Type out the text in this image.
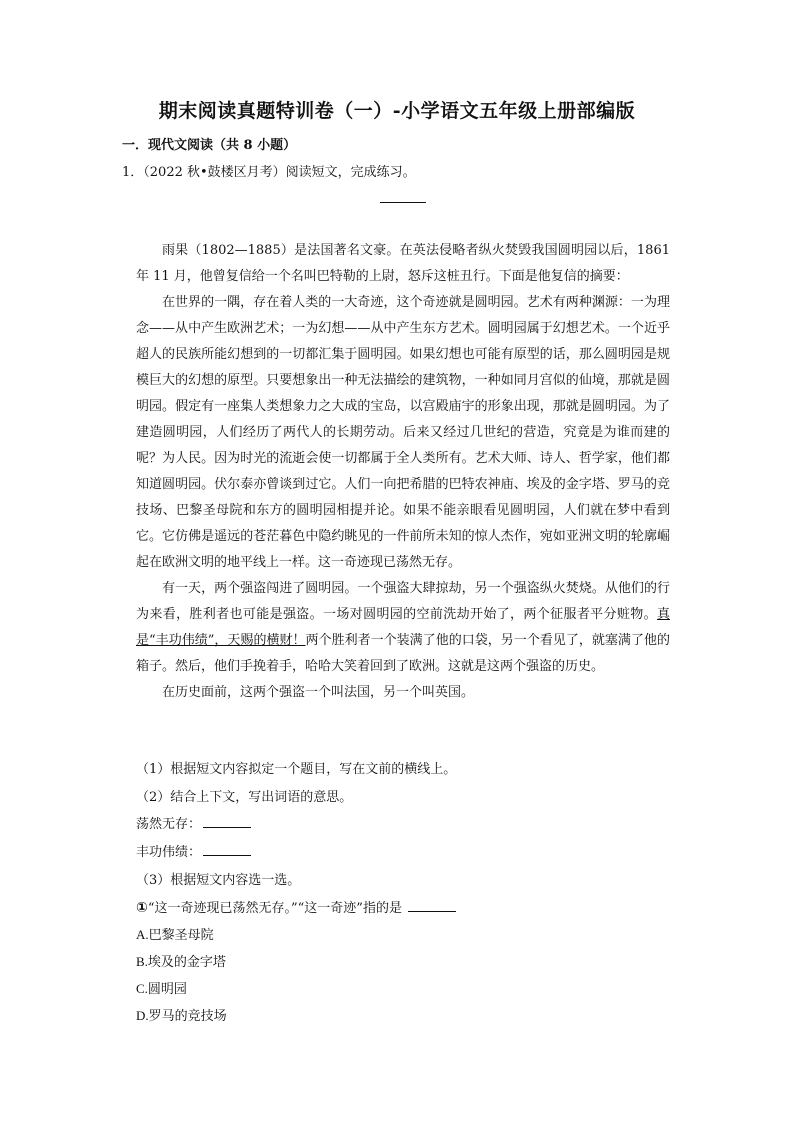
期末阅读真题特训卷（一）-小学语文五年级上册部编版
一．现代文阅读（共 8 小题）
1．（2022 秋•鼓楼区月考）阅读短文，完成练习。

雨果（1802—1885）是法国著名文豪。在英法侵略者纵火焚毁我国圆明园以后，1861 年 11 月，他曾复信给一个名叫巴特勒的上尉，怒斥这桩丑行。下面是他复信的摘要：

在世界的一隅，存在着人类的一大奇迹，这个奇迹就是圆明园。艺术有两种渊源：一为理念——从中产生欧洲艺术；一为幻想——从中产生东方艺术。圆明园属于幻想艺术。一个近乎超人的民族所能幻想到的一切都汇集于圆明园。如果幻想也可能有原型的话，那么圆明园是规模巨大的幻想的原型。只要想象出一种无法描绘的建筑物，一种如同月宫似的仙境，那就是圆明园。假定有一座集人类想象力之大成的宝岛，以宫殿庙宇的形象出现，那就是圆明园。为了建造圆明园，人们经历了两代人的长期劳动。后来又经过几世纪的营造，究竟是为谁而建的呢？为人民。因为时光的流逝会使一切都属于全人类所有。艺术大师、诗人、哲学家，他们都知道圆明园。伏尔泰亦曾谈到过它。人们一向把希腊的巴特农神庙、埃及的金字塔、罗马的竞技场、巴黎圣母院和东方的圆明园相提并论。如果不能亲眼看见圆明园，人们就在梦中看到它。它仿佛是遥远的苍茫暮色中隐约眺见的一件前所未知的惊人杰作，宛如亚洲文明的轮廓崛起在欧洲文明的地平线上一样。这一奇迹现已荡然无存。

有一天，两个强盗闯进了圆明园。一个强盗大肆掠劫，另一个强盗纵火焚烧。从他们的行为来看，胜利者也可能是强盗。一场对圆明园的空前洗劫开始了，两个征服者平分赃物。真是“丰功伟绩”，天赐的横财！两个胜利者一个装满了他的口袋，另一个看见了，就塞满了他的箱子。然后，他们手挽着手，哈哈大笑着回到了欧洲。这就是这两个强盗的历史。

在历史面前，这两个强盗一个叫法国，另一个叫英国。

（1）根据短文内容拟定一个题目，写在文前的横线上。
（2）结合上下文，写出词语的意思。
荡然无存：
丰功伟绩：
（3）根据短文内容选一选。
①“这一奇迹现已荡然无存。”“这一奇迹”指的是
A.巴黎圣母院
B.埃及的金字塔
C.圆明园
D.罗马的竞技场
